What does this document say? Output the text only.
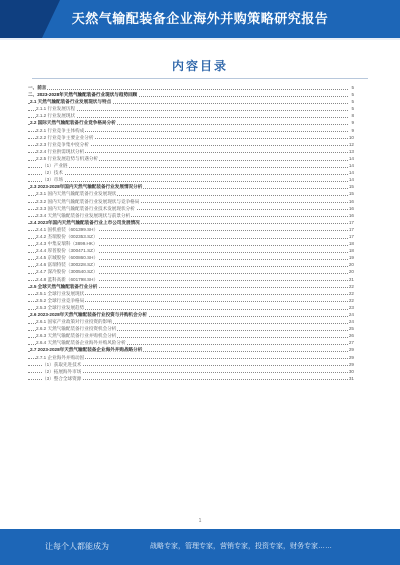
天然气输配装备企业海外并购策略研究报告
内容目录
一、前言	5
二、2023-2028年天然气输配装备行业现状与趋势回顾	5
2.1 天然气输配装备行业发展现状与特点	5
2.1.1 行业发展历程	5
2.1.2 行业发展现状	8
2.2 国际天然气输配装备行业竞争格局分析	9
2.2.1 行业竞争主体构成	9
2.2.2 行业竞争主要企业分析	10
2.2.3 行业竞争集中度分析	12
2.2.4 行业供需现状分析	13
2.2.5 行业发展趋势与机遇分析	14
（1）产业链	14
（2）技术	14
（3）市场	14
2.3 2023-2028年国内天然气输配装备行业发展情况分析	15
2.3.1 国内天然气输配装备行业发展现状	15
2.3.2 国内天然气输配装备行业发展现状与竞争格局	16
2.3.3 国内天然气输配装备行业技术发展现状分析	16
2.3.4 天然气输配装备行业发展现状与前景分析	16
2.4 2023年国内天然气输配装备行业上市公司发展情况	17
2.4.1 国机重装（601399.SH）	17
2.4.2 杰瑞股份（002353.SZ）	17
2.4.3 中集安瑞科（3899.HK）	18
2.4.4 厚普股份（300471.SZ）	18
2.4.5 京城股份（600860.SH）	19
2.4.6 富瑞特装（300228.SZ）	20
2.4.7 深冷股份（300540.SZ）	20
2.4.8 蓝科高新（601798.SH）	21
2.5 全球天然气输配装备行业分析	22
2.5.1 全球行业发展现状	22
2.5.2 全球行业竞争格局	22
2.5.3 全球行业发展趋势	23
2.6 2023-2028年天然气输配装备行业投资与并购机会分析	24
2.6.1 国家产业政策对行业投资的影响	24
2.6.2 天然气输配装备行业投资机会分析	25
2.6.3 天然气输配装备行业并购机会分析	26
2.6.4 天然气输配装备企业海外并购风险分析	27
2.7 2023-2028年天然气输配装备企业海外并购战略分析	29
2.7.1 企业海外并购动因	29
（1）获取先进技术	29
（2）拓展海外市场	30
（3）整合全球资源	31
1
让每个人都能成为	战略专家，管理专家，营销专家，投资专家，财务专家……
